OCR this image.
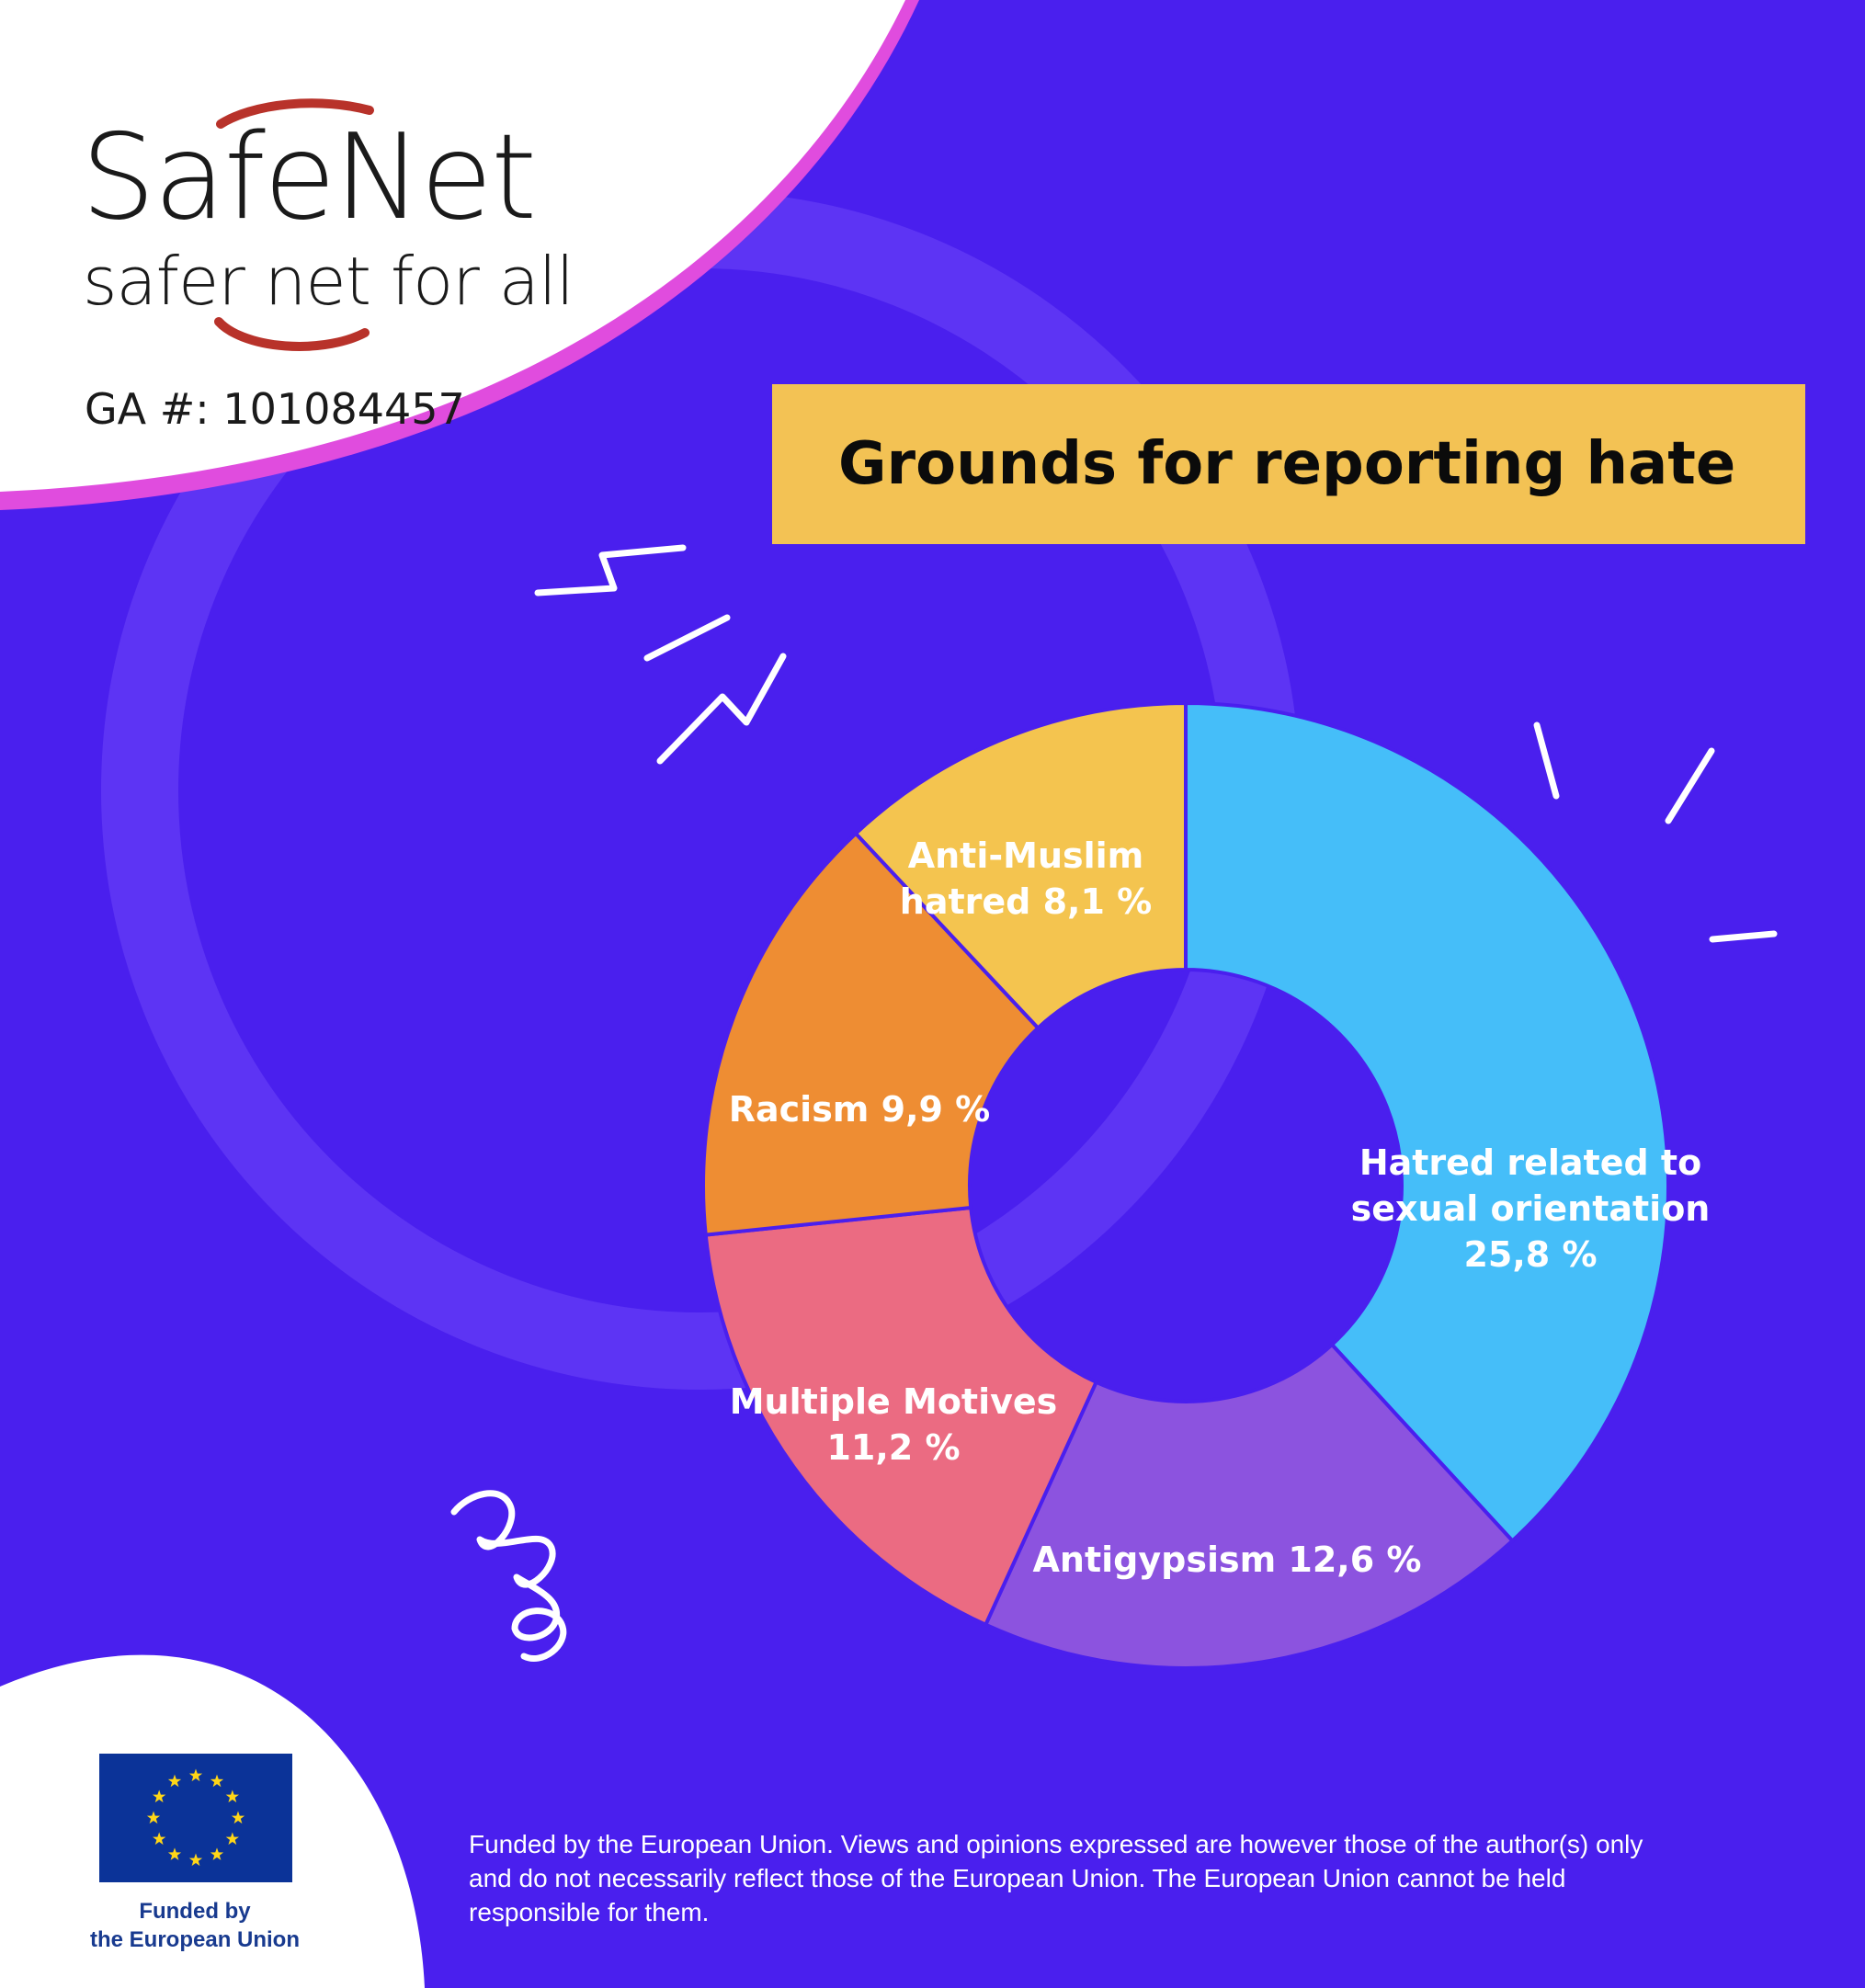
SafeNet

safer net for all

GA #: 101084457

Grounds for reporting hate
Hatred related to
sexual orientation
25,8 %
Antigypsism 12,6 %
Multiple Motives
11,2 %
Racism 9,9 %
Anti-Muslim
hatred 8,1 %

Funded by
the European Union

Funded by the European Union. Views and opinions expressed are however those of the author(s) only and do not necessarily reflect those of the European Union. The European Union cannot be held responsible for them.
